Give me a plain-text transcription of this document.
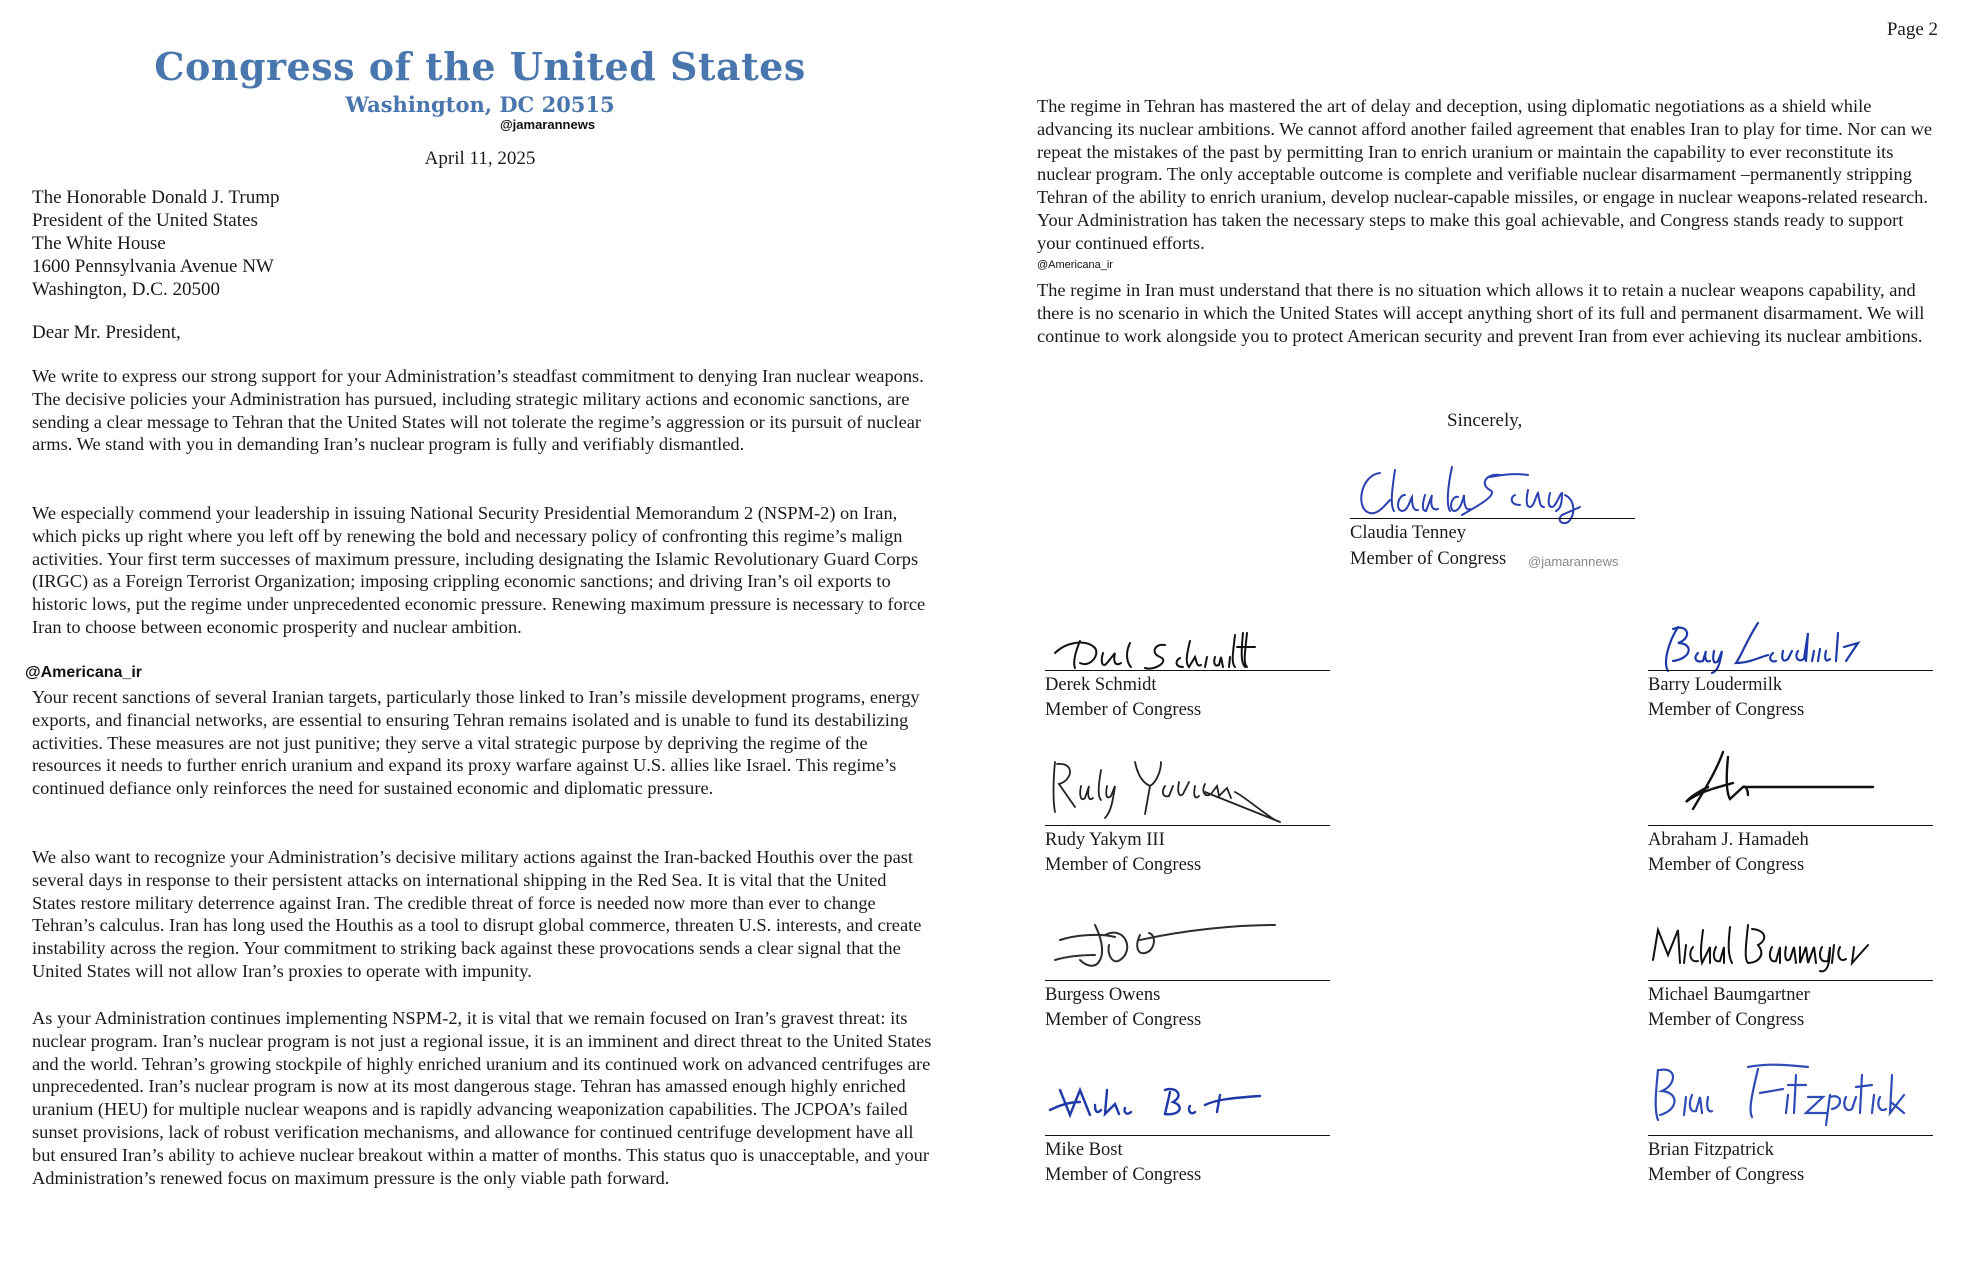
Congress of the United States
Washington, DC 20515
@jamarannews
April 11, 2025
The Honorable Donald J. Trump
President of the United States
The White House
1600 Pennsylvania Avenue NW
Washington, D.C. 20500
Dear Mr. President,

We write to express our strong support for your Administration’s steadfast commitment to denying Iran nuclear weapons. The decisive policies your Administration has pursued, including strategic military actions and economic sanctions, are sending a clear message to Tehran that the United States will not tolerate the regime’s aggression or its pursuit of nuclear arms. We stand with you in demanding Iran’s nuclear program is fully and verifiably dismantled.

We especially commend your leadership in issuing National Security Presidential Memorandum 2 (NSPM-2) on Iran, which picks up right where you left off by renewing the bold and necessary policy of confronting this regime’s malign activities. Your first term successes of maximum pressure, including designating the Islamic Revolutionary Guard Corps (IRGC) as a Foreign Terrorist Organization; imposing crippling economic sanctions; and driving Iran’s oil exports to historic lows, put the regime under unprecedented economic pressure. Renewing maximum pressure is necessary to force Iran to choose between economic prosperity and nuclear ambition.

@Americana_ir

Your recent sanctions of several Iranian targets, particularly those linked to Iran’s missile development programs, energy exports, and financial networks, are essential to ensuring Tehran remains isolated and is unable to fund its destabilizing activities. These measures are not just punitive; they serve a vital strategic purpose by depriving the regime of the resources it needs to further enrich uranium and expand its proxy warfare against U.S. allies like Israel. This regime’s continued defiance only reinforces the need for sustained economic and diplomatic pressure.

We also want to recognize your Administration’s decisive military actions against the Iran-backed Houthis over the past several days in response to their persistent attacks on international shipping in the Red Sea. It is vital that the United States restore military deterrence against Iran. The credible threat of force is needed now more than ever to change Tehran’s calculus. Iran has long used the Houthis as a tool to disrupt global commerce, threaten U.S. interests, and create instability across the region. Your commitment to striking back against these provocations sends a clear signal that the United States will not allow Iran’s proxies to operate with impunity.

As your Administration continues implementing NSPM-2, it is vital that we remain focused on Iran’s gravest threat: its nuclear program. Iran’s nuclear program is not just a regional issue, it is an imminent and direct threat to the United States and the world. Tehran’s growing stockpile of highly enriched uranium and its continued work on advanced centrifuges are unprecedented. Iran’s nuclear program is now at its most dangerous stage. Tehran has amassed enough highly enriched uranium (HEU) for multiple nuclear weapons and is rapidly advancing weaponization capabilities. The JCPOA’s failed sunset provisions, lack of robust verification mechanisms, and allowance for continued centrifuge development have all but ensured Iran’s ability to achieve nuclear breakout within a matter of months. This status quo is unacceptable, and your Administration’s renewed focus on maximum pressure is the only viable path forward.

Page 2

The regime in Tehran has mastered the art of delay and deception, using diplomatic negotiations as a shield while advancing its nuclear ambitions. We cannot afford another failed agreement that enables Iran to play for time. Nor can we repeat the mistakes of the past by permitting Iran to enrich uranium or maintain the capability to ever reconstitute its nuclear program. The only acceptable outcome is complete and verifiable nuclear disarmament –permanently stripping Tehran of the ability to enrich uranium, develop nuclear-capable missiles, or engage in nuclear weapons-related research. Your Administration has taken the necessary steps to make this goal achievable, and Congress stands ready to support your continued efforts.

@Americana_ir

The regime in Iran must understand that there is no situation which allows it to retain a nuclear weapons capability, and there is no scenario in which the United States will accept anything short of its full and permanent disarmament. We will continue to work alongside you to protect American security and prevent Iran from ever achieving its nuclear ambitions.

Sincerely,
Claudia Tenney
Member of Congress @jamarannews
Derek Schmidt
Member of Congress
Barry Loudermilk
Member of Congress
Rudy Yakym III
Member of Congress
Abraham J. Hamadeh
Member of Congress
Burgess Owens
Member of Congress
Michael Baumgartner
Member of Congress
Mike Bost
Member of Congress
Brian Fitzpatrick
Member of Congress
